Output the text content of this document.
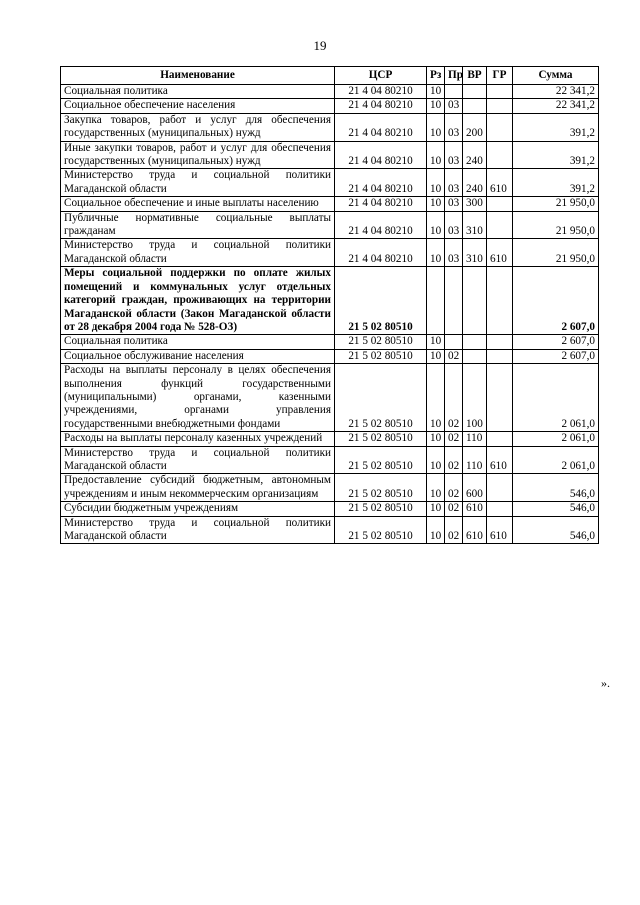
19
Наименование	ЦСР	Рз	Пр	ВР	ГР	Сумма
Социальная политика	21 4 04 80210	10				22 341,2
Социальное обеспечение населения	21 4 04 80210	10	03			22 341,2
Закупка товаров, работ и услуг для обеспечения государственных (муниципальных) нужд	21 4 04 80210	10	03	200		391,2
Иные закупки товаров, работ и услуг для обеспечения государственных (муниципальных) нужд	21 4 04 80210	10	03	240		391,2
Министерство труда и социальной политики Магаданской области	21 4 04 80210	10	03	240	610	391,2
Социальное обеспечение и иные выплаты населению	21 4 04 80210	10	03	300		21 950,0
Публичные нормативные социальные выплаты гражданам	21 4 04 80210	10	03	310		21 950,0
Министерство труда и социальной политики Магаданской области	21 4 04 80210	10	03	310	610	21 950,0
Меры социальной поддержки по оплате жилых помещений и коммунальных услуг отдельных категорий граждан, проживающих на территории Магаданской области (Закон Магаданской области от 28 декабря 2004 года № 528-ОЗ)	21 5 02 80510					2 607,0
Социальная политика	21 5 02 80510	10				2 607,0
Социальное обслуживание населения	21 5 02 80510	10	02			2 607,0
Расходы на выплаты персоналу в целях обеспечения выполнения функций государственными (муниципальными) органами, казенными учреждениями, органами управления государственными внебюджетными фондами	21 5 02 80510	10	02	100		2 061,0
Расходы на выплаты персоналу казенных учреждений	21 5 02 80510	10	02	110		2 061,0
Министерство труда и социальной политики Магаданской области	21 5 02 80510	10	02	110	610	2 061,0
Предоставление субсидий бюджетным, автономным учреждениям и иным некоммерческим организациям	21 5 02 80510	10	02	600		546,0
Субсидии бюджетным учреждениям	21 5 02 80510	10	02	610		546,0
Министерство труда и социальной политики Магаданской области	21 5 02 80510	10	02	610	610	546,0
».
